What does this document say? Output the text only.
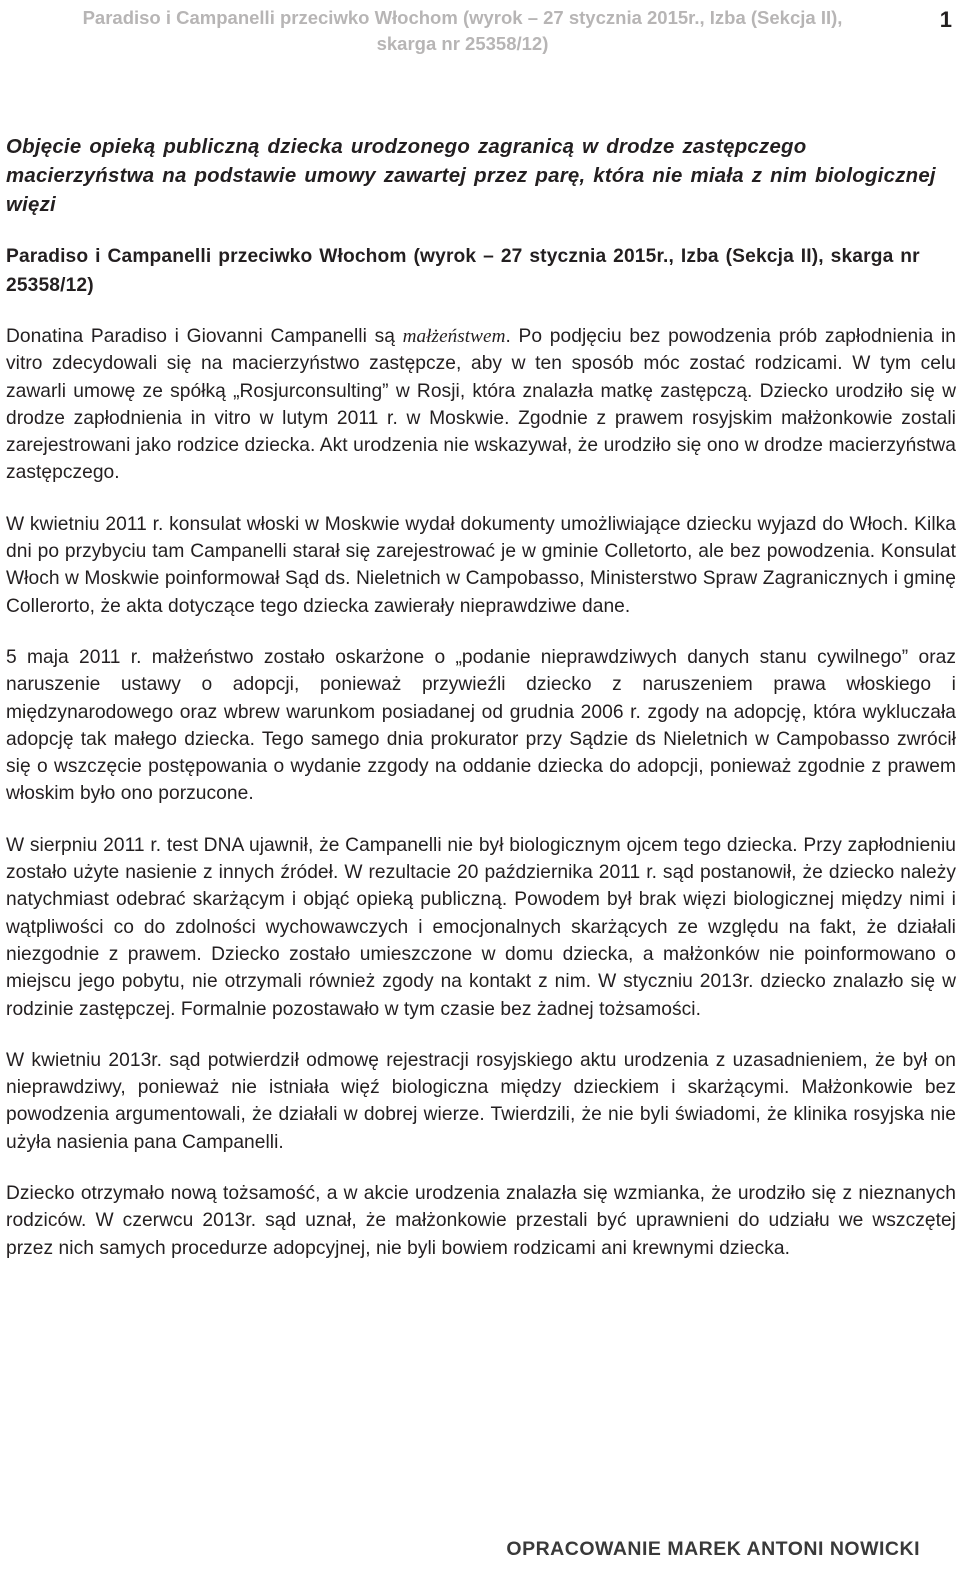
Paradiso i Campanelli przeciwko Włochom (wyrok – 27 stycznia 2015r., Izba (Sekcja II),
skarga nr 25358/12)
1
Objęcie opieką publiczną dziecka urodzonego zagranicą w drodze zastępczego macierzyństwa na podstawie umowy zawartej przez parę, która nie miała z nim biologicznej więzi
Paradiso i Campanelli przeciwko Włochom (wyrok – 27 stycznia 2015r., Izba (Sekcja II), skarga nr 25358/12)

Donatina Paradiso i Giovanni Campanelli są małżeństwem. Po podjęciu bez powodzenia prób zapłodnienia in vitro zdecydowali się na macierzyństwo zastępcze, aby w ten sposób móc zostać rodzicami. W tym celu zawarli umowę ze spółką „Rosjurconsulting” w Rosji, która znalazła matkę zastępczą. Dziecko urodziło się w drodze zapłodnienia in vitro w lutym 2011 r. w Moskwie. Zgodnie z prawem rosyjskim małżonkowie zostali zarejestrowani jako rodzice dziecka. Akt urodzenia nie wskazywał, że urodziło się ono w drodze macierzyństwa zastępczego.

W kwietniu 2011 r. konsulat włoski w Moskwie wydał dokumenty umożliwiające dziecku wyjazd do Włoch. Kilka dni po przybyciu tam Campanelli starał się zarejestrować je w gminie Colletorto, ale bez powodzenia. Konsulat Włoch w Moskwie poinformował Sąd ds. Nieletnich w Campobasso, Ministerstwo Spraw Zagranicznych i gminę Collerorto, że akta dotyczące tego dziecka zawierały nieprawdziwe dane.

5 maja 2011 r. małżeństwo zostało oskarżone o „podanie nieprawdziwych danych stanu cywilnego” oraz naruszenie ustawy o adopcji, ponieważ przywieźli dziecko z naruszeniem prawa włoskiego i międzynarodowego oraz wbrew warunkom posiadanej od grudnia 2006 r. zgody na adopcję, która wykluczała adopcję tak małego dziecka. Tego samego dnia prokurator przy Sądzie ds Nieletnich w Campobasso zwrócił się o wszczęcie postępowania o wydanie zzgody na oddanie dziecka do adopcji, ponieważ zgodnie z prawem włoskim było ono porzucone.

W sierpniu 2011 r. test DNA ujawnił, że Campanelli nie był biologicznym ojcem tego dziecka. Przy zapłodnieniu zostało użyte nasienie z innych źródeł. W rezultacie 20 października 2011 r. sąd postanowił, że dziecko należy natychmiast odebrać skarżącym i objąć opieką publiczną. Powodem był brak więzi biologicznej między nimi i wątpliwości co do zdolności wychowawczych i emocjonalnych skarżących ze względu na fakt, że działali niezgodnie z prawem. Dziecko zostało umieszczone w domu dziecka, a małżonków nie poinformowano o miejscu jego pobytu, nie otrzymali również zgody na kontakt z nim. W styczniu 2013r. dziecko znalazło się w rodzinie zastępczej. Formalnie pozostawało w tym czasie bez żadnej tożsamości.

W kwietniu 2013r. sąd potwierdził odmowę rejestracji rosyjskiego aktu urodzenia z uzasadnieniem, że był on nieprawdziwy, ponieważ nie istniała więź biologiczna między dzieckiem i skarżącymi. Małżonkowie bez powodzenia argumentowali, że działali w dobrej wierze. Twierdzili, że nie byli świadomi, że klinika rosyjska nie użyła nasienia pana Campanelli.

Dziecko otrzymało nową tożsamość, a w akcie urodzenia znalazła się wzmianka, że urodziło się z nieznanych rodziców. W czerwcu 2013r. sąd uznał, że małżonkowie przestali być uprawnieni do udziału we wszczętej przez nich samych procedurze adopcyjnej, nie byli bowiem rodzicami ani krewnymi dziecka.

OPRACOWANIE MAREK ANTONI NOWICKI
